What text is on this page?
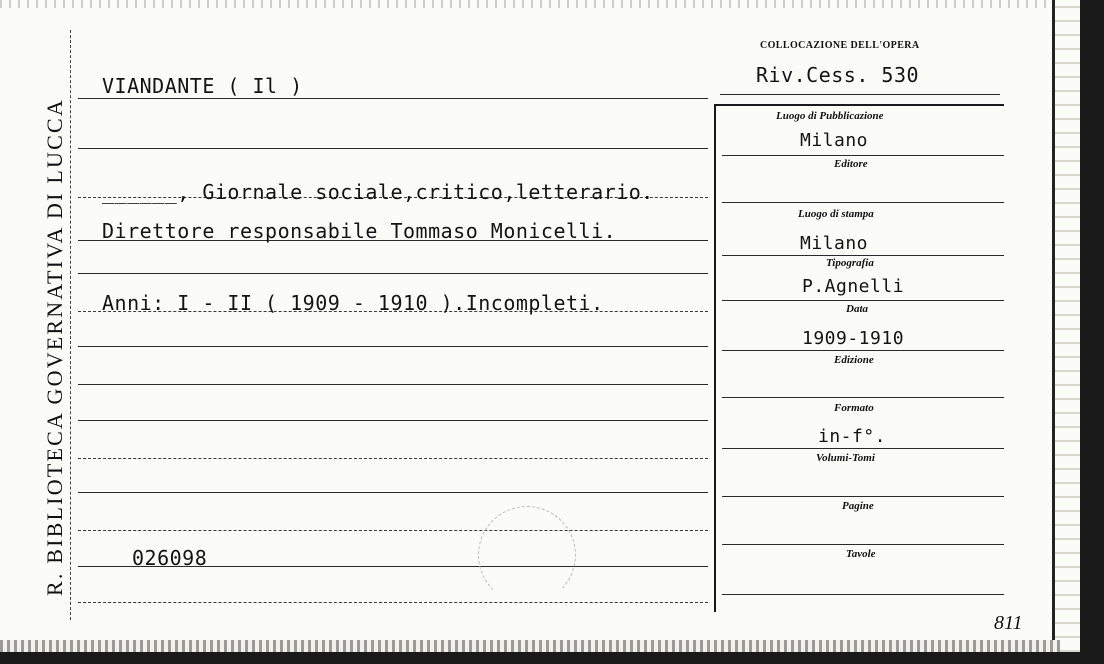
R. BIBLIOTECA GOVERNATIVA DI LUCCA
VIANDANTE ( Il )
______, Giornale sociale,critico,letterario.
Direttore responsabile Tommaso Monicelli.
Anni: I - II ( 1909 - 1910 ).Incompleti.
026098
COLLOCAZIONE DELL'OPERA
Riv.Cess. 530
Luogo di Pubblicazione
Milano
Editore
Luogo di stampa
Milano
Tipografia
P.Agnelli
Data
1909-1910
Edizione
Formato
in-f°.
Volumi-Tomi
Pagine
Tavole
811
